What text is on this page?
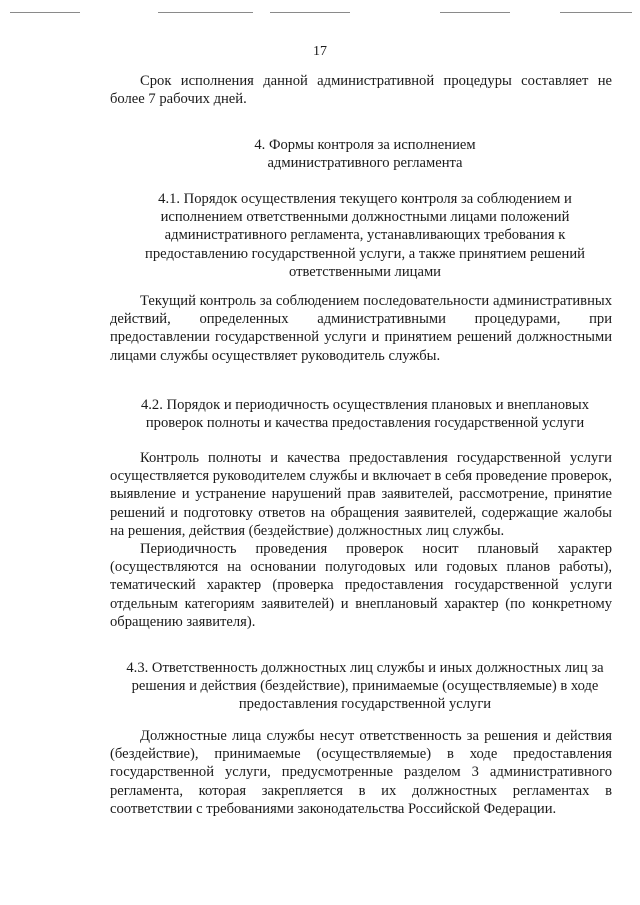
17
Срок исполнения данной административной процедуры составляет не более 7 рабочих дней.
4. Формы контроля за исполнением административного регламента
4.1. Порядок осуществления текущего контроля за соблюдением и исполнением ответственными должностными лицами положений административного регламента, устанавливающих требования к предоставлению государственной услуги, а также принятием решений ответственными лицами
Текущий контроль за соблюдением последовательности административных действий, определенных административными процедурами, при предоставлении государственной услуги и принятием решений должностными лицами службы осуществляет руководитель службы.
4.2. Порядок и периодичность осуществления плановых и внеплановых проверок полноты и качества предоставления государственной услуги

Контроль полноты и качества предоставления государственной услуги осуществляется руководителем службы и включает в себя проведение проверок, выявление и устранение нарушений прав заявителей, рассмотрение, принятие решений и подготовку ответов на обращения заявителей, содержащие жалобы на решения, действия (бездействие) должностных лиц службы.

Периодичность проведения проверок носит плановый характер (осуществляются на основании полугодовых или годовых планов работы), тематический характер (проверка предоставления государственной услуги отдельным категориям заявителей) и внеплановый характер (по конкретному обращению заявителя).

4.3. Ответственность должностных лиц службы и иных должностных лиц за решения и действия (бездействие), принимаемые (осуществляемые) в ходе предоставления государственной услуги
Должностные лица службы несут ответственность за решения и действия (бездействие), принимаемые (осуществляемые) в ходе предоставления государственной услуги, предусмотренные разделом 3 административного регламента, которая закрепляется в их должностных регламентах в соответствии с требованиями законодательства Российской Федерации.
